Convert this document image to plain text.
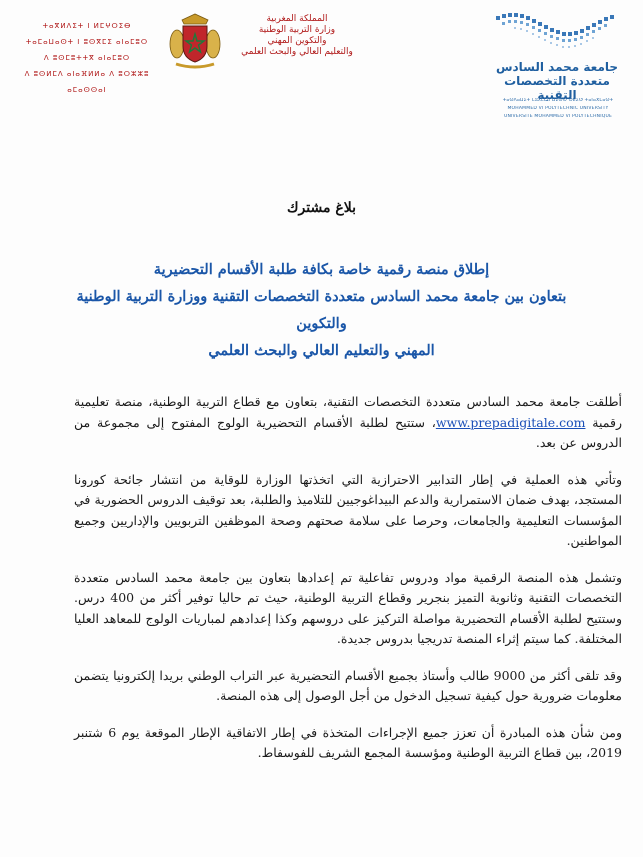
جامعة محمد السادس متعددة التخصصات التقنية
ⵜⴰⵙⴷⴰⵡⵉⵜ ⵎⵓⵃⵎⵎⴷ ⵡⵉⵙⵙ ⵚⴹⵉⵚ ⵜⴰⵏⴰⴳⵎⴰⵙⵜ
MOHAMMED VI POLYTECHNIC UNIVERSITY
UNIVERSITÉ MOHAMMED VI POLYTECHNIQUE
المملكة المغربية
وزارة التربية الوطنية
والتكوين المهني
والتعليم العالي والبحث العلمي
ⵜⴰⴳⵍⴷⵉⵜ ⵏ ⵍⵎⵖⵔⵉⴱ
ⵜⴰⵎⴰⵡⴰⵙⵜ ⵏ ⵓⵙⴳⵎⵉ ⴰⵏⴰⵎⵓⵔ
ⴷ ⵓⵙⵎⵓⵜⵜⴳ ⴰⵏⴰⵎⵓⵔ
ⴷ ⵓⵙⵍⵎⴷ ⴰⵏⴰⴼⵍⵍⴰ ⴷ ⵓⵔⵣⵣⵓ ⴰⵎⴰⵙⵙⴰⵏ
بلاغ مشترك
إطلاق منصة رقمية خاصة بكافة طلبة الأقسام التحضيرية
بتعاون بين جامعة محمد السادس متعددة التخصصات التقنية ووزارة التربية الوطنية والتكوين
المهني والتعليم العالي والبحث العلمي

أطلقت جامعة محمد السادس متعددة التخصصات التقنية، بتعاون مع قطاع التربية الوطنية، منصة تعليمية رقمية www.prepadigitale.com، ستتيح لطلبة الأقسام التحضيرية الولوج المفتوح إلى مجموعة من الدروس عن بعد.

وتأتي هذه العملية في إطار التدابير الاحترازية التي اتخذتها الوزارة للوقاية من انتشار جائحة كورونا المستجد، بهدف ضمان الاستمرارية والدعم البيداغوجيين للتلاميذ والطلبة، بعد توقيف الدروس الحضورية في المؤسسات التعليمية والجامعات، وحرصا على سلامة صحتهم وصحة الموظفين التربويين والإداريين وجميع المواطنين.

وتشمل هذه المنصة الرقمية مواد ودروس تفاعلية تم إعدادها بتعاون بين جامعة محمد السادس متعددة التخصصات التقنية وثانوية التميز بنجرير وقطاع التربية الوطنية، حيث تم حاليا توفير أكثر من 400 درس. وستتيح لطلبة الأقسام التحضيرية مواصلة التركيز على دروسهم وكذا إعدادهم لمباريات الولوج للمعاهد العليا المختلفة. كما سيتم إثراء المنصة تدريجيا بدروس جديدة.

وقد تلقى أكثر من 9000 طالب وأستاذ بجميع الأقسام التحضيرية عبر التراب الوطني بريدا إلكترونيا يتضمن معلومات ضرورية حول كيفية تسجيل الدخول من أجل الوصول إلى هذه المنصة.

ومن شأن هذه المبادرة أن تعزز جميع الإجراءات المتخذة في إطار الاتفاقية الإطار الموقعة يوم 6 شتنبر 2019، بين قطاع التربية الوطنية ومؤسسة المجمع الشريف للفوسفاط.
